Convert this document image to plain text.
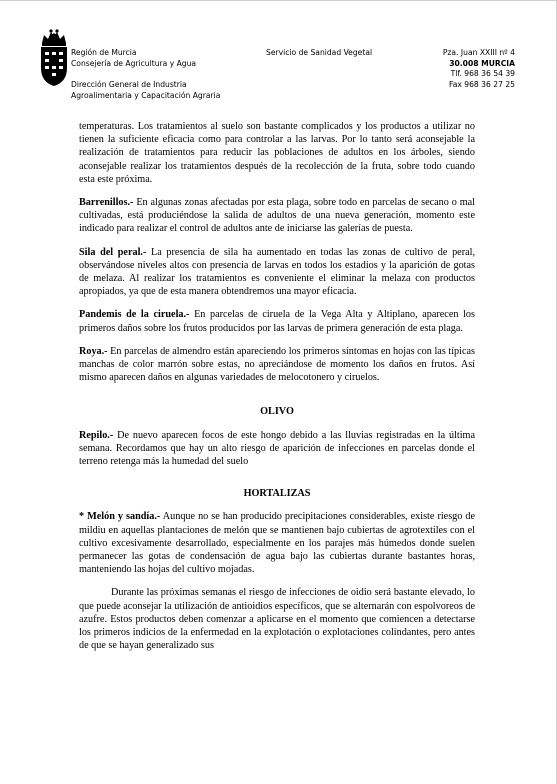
Región de Murcia
Consejería de Agricultura y Agua
Dirección General de Industria
Agroalimentaria y Capacitación Agraria
Servicio de Sanidad Vegetal	Pza. Juan XXIII nº 4
30.008 MURCIA
Tlf. 968 36 54 39
Fax 968 36 27 25

temperaturas. Los tratamientos al suelo son bastante complicados y los productos a utilizar no tienen la suficiente eficacia como para controlar a las larvas. Por lo tanto será aconsejable la realización de tratamientos para reducir las poblaciones de adultos en los árboles, siendo aconsejable realizar los tratamientos después de la recolección de la fruta, sobre todo cuando esta este próxima.

Barrenillos.- En algunas zonas afectadas por esta plaga, sobre todo en parcelas de secano o mal cultivadas, está produciéndose la salida de adultos de una nueva generación, momento este indicado para realizar el control de adultos ante de iniciarse las galerías de puesta.

Sila del peral.- La presencia de sila ha aumentado en todas las zonas de cultivo de peral, observándose niveles altos con presencia de larvas en todos los estadios y la aparición de gotas de melaza. Al realizar los tratamientos es conveniente el eliminar la melaza con productos apropiados, ya que de esta manera obtendremos una mayor eficacia.

Pandemis de la ciruela.- En parcelas de ciruela de la Vega Alta y Altiplano, aparecen los primeros daños sobre los frutos producidos por las larvas de primera generación de esta plaga.

Roya.- En parcelas de almendro están apareciendo los primeros síntomas en hojas con las típicas manchas de color marrón sobre estas, no apreciándose de momento los daños en frutos. Así mismo aparecen daños en algunas variedades de melocotonero y ciruelos.

OLIVO

Repilo.- De nuevo aparecen focos de este hongo debido a las lluvias registradas en la última semana. Recordamos que hay un alto riesgo de aparición de infecciones en parcelas donde el terreno retenga más la humedad del suelo

HORTALIZAS

* Melón y sandía.- Aunque no se han producido precipitaciones considerables, existe riesgo de mildiu en aquellas plantaciones de melón que se mantienen bajo cubiertas de agrotextiles con el cultivo excesivamente desarrollado, especialmente en los parajes más húmedos donde suelen permanecer las gotas de condensación de agua bajo las cubiertas durante bastantes horas, manteniendo las hojas del cultivo mojadas.

Durante las próximas semanas el riesgo de infecciones de oidio será bastante elevado, lo que puede aconsejar la utilización de antioidios específicos, que se alternarán con espolvoreos de azufre. Estos productos deben comenzar a aplicarse en el momento que comiencen a detectarse los primeros indicios de la enfermedad en la explotación o explotaciones colindantes, pero antes de que se hayan generalizado sus
